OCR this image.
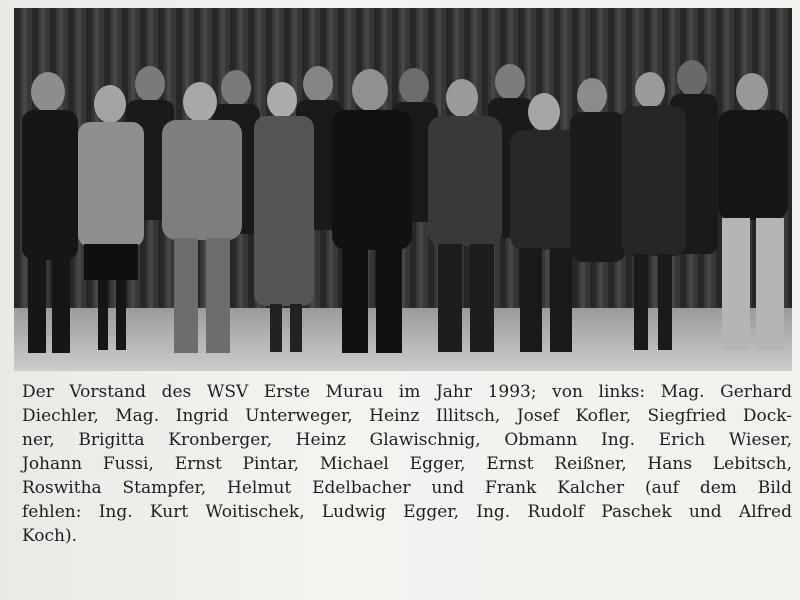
Der Vorstand des WSV Erste Murau im Jahr 1993; von links: Mag. Gerhard
Diechler, Mag. Ingrid Unterweger, Heinz Illitsch, Josef Kofler, Siegfried Dock-
ner, Brigitta Kronberger, Heinz Glawischnig, Obmann Ing. Erich Wieser,
Johann Fussi, Ernst Pintar, Michael Egger, Ernst Reißner, Hans Lebitsch,
Roswitha Stampfer, Helmut Edelbacher und Frank Kalcher (auf dem Bild
fehlen: Ing. Kurt Woitischek, Ludwig Egger, Ing. Rudolf Paschek und Alfred
Koch).
